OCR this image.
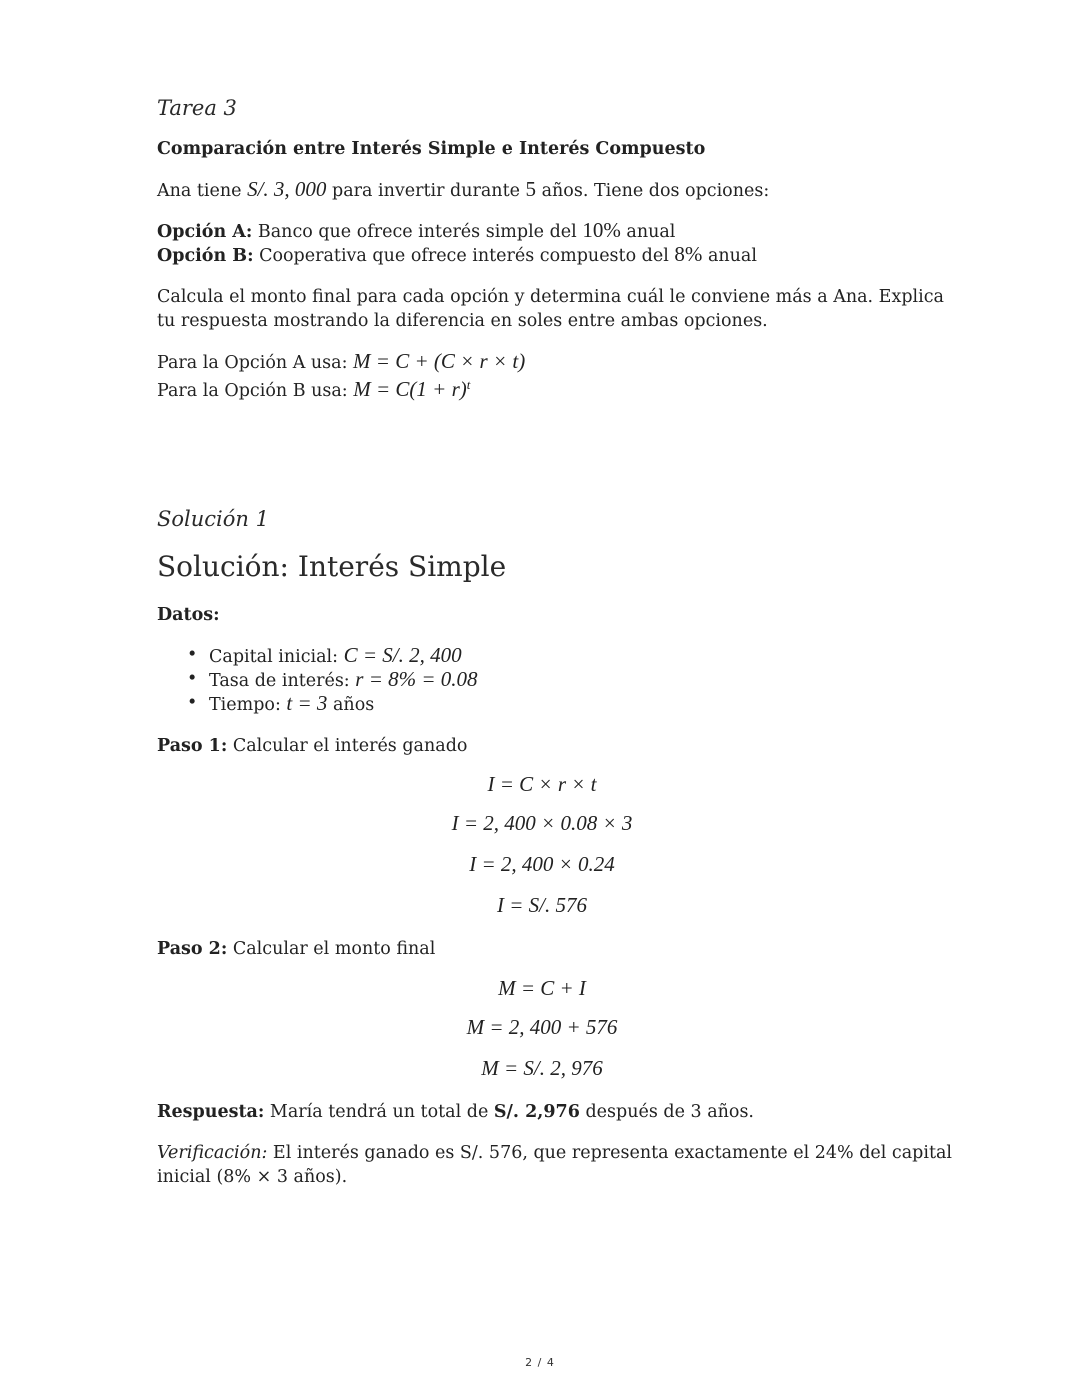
Tarea 3
Comparación entre Interés Simple e Interés Compuesto
Ana tiene S/. 3, 000 para invertir durante 5 años. Tiene dos opciones:
Opción A: Banco que ofrece interés simple del 10% anual
Opción B: Cooperativa que ofrece interés compuesto del 8% anual
Calcula el monto final para cada opción y determina cuál le conviene más a Ana. Explica
tu respuesta mostrando la diferencia en soles entre ambas opciones.
Para la Opción A usa: M = C + (C × r × t)
Para la Opción B usa: $M = C(1 + r)^t$
Solución 1
Solución: Interés Simple
Datos:
• Capital inicial: C = S/. 2, 400
• Tasa de interés: r = 8% = 0.08
• Tiempo: t = 3 años
Paso 1: Calcular el interés ganado
I = C × r × t
I = 2, 400 × 0.08 × 3
I = 2, 400 × 0.24
I = S/. 576
Paso 2: Calcular el monto final
M = C + I
M = 2, 400 + 576
M = S/. 2, 976
Respuesta: María tendrá un total de S/. 2,976 después de 3 años.
Verificación: El interés ganado es S/. 576, que representa exactamente el 24% del capital
inicial (8% × 3 años).
2 / 4
